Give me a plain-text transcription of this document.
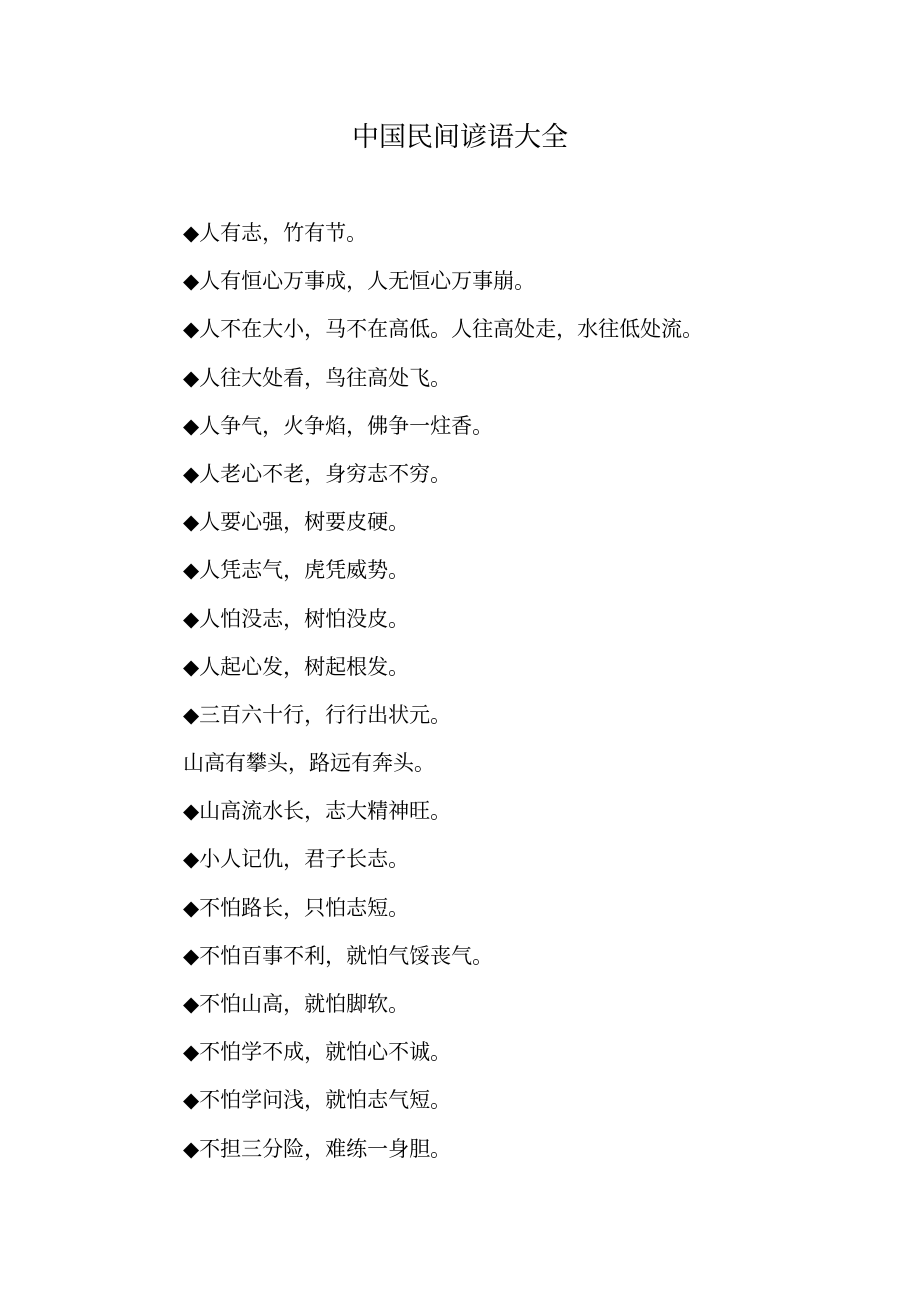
中国民间谚语大全
◆人有志，竹有节。
◆人有恒心万事成，人无恒心万事崩。
◆人不在大小，马不在高低。人往高处走，水往低处流。
◆人往大处看，鸟往高处飞。
◆人争气，火争焰，佛争一炷香。
◆人老心不老，身穷志不穷。
◆人要心强，树要皮硬。
◆人凭志气，虎凭威势。
◆人怕没志，树怕没皮。
◆人起心发，树起根发。
◆三百六十行，行行出状元。
山高有攀头，路远有奔头。
◆山高流水长，志大精神旺。
◆小人记仇，君子长志。
◆不怕路长，只怕志短。
◆不怕百事不利，就怕气馁丧气。
◆不怕山高，就怕脚软。
◆不怕学不成，就怕心不诚。
◆不怕学问浅，就怕志气短。
◆不担三分险，难练一身胆。
